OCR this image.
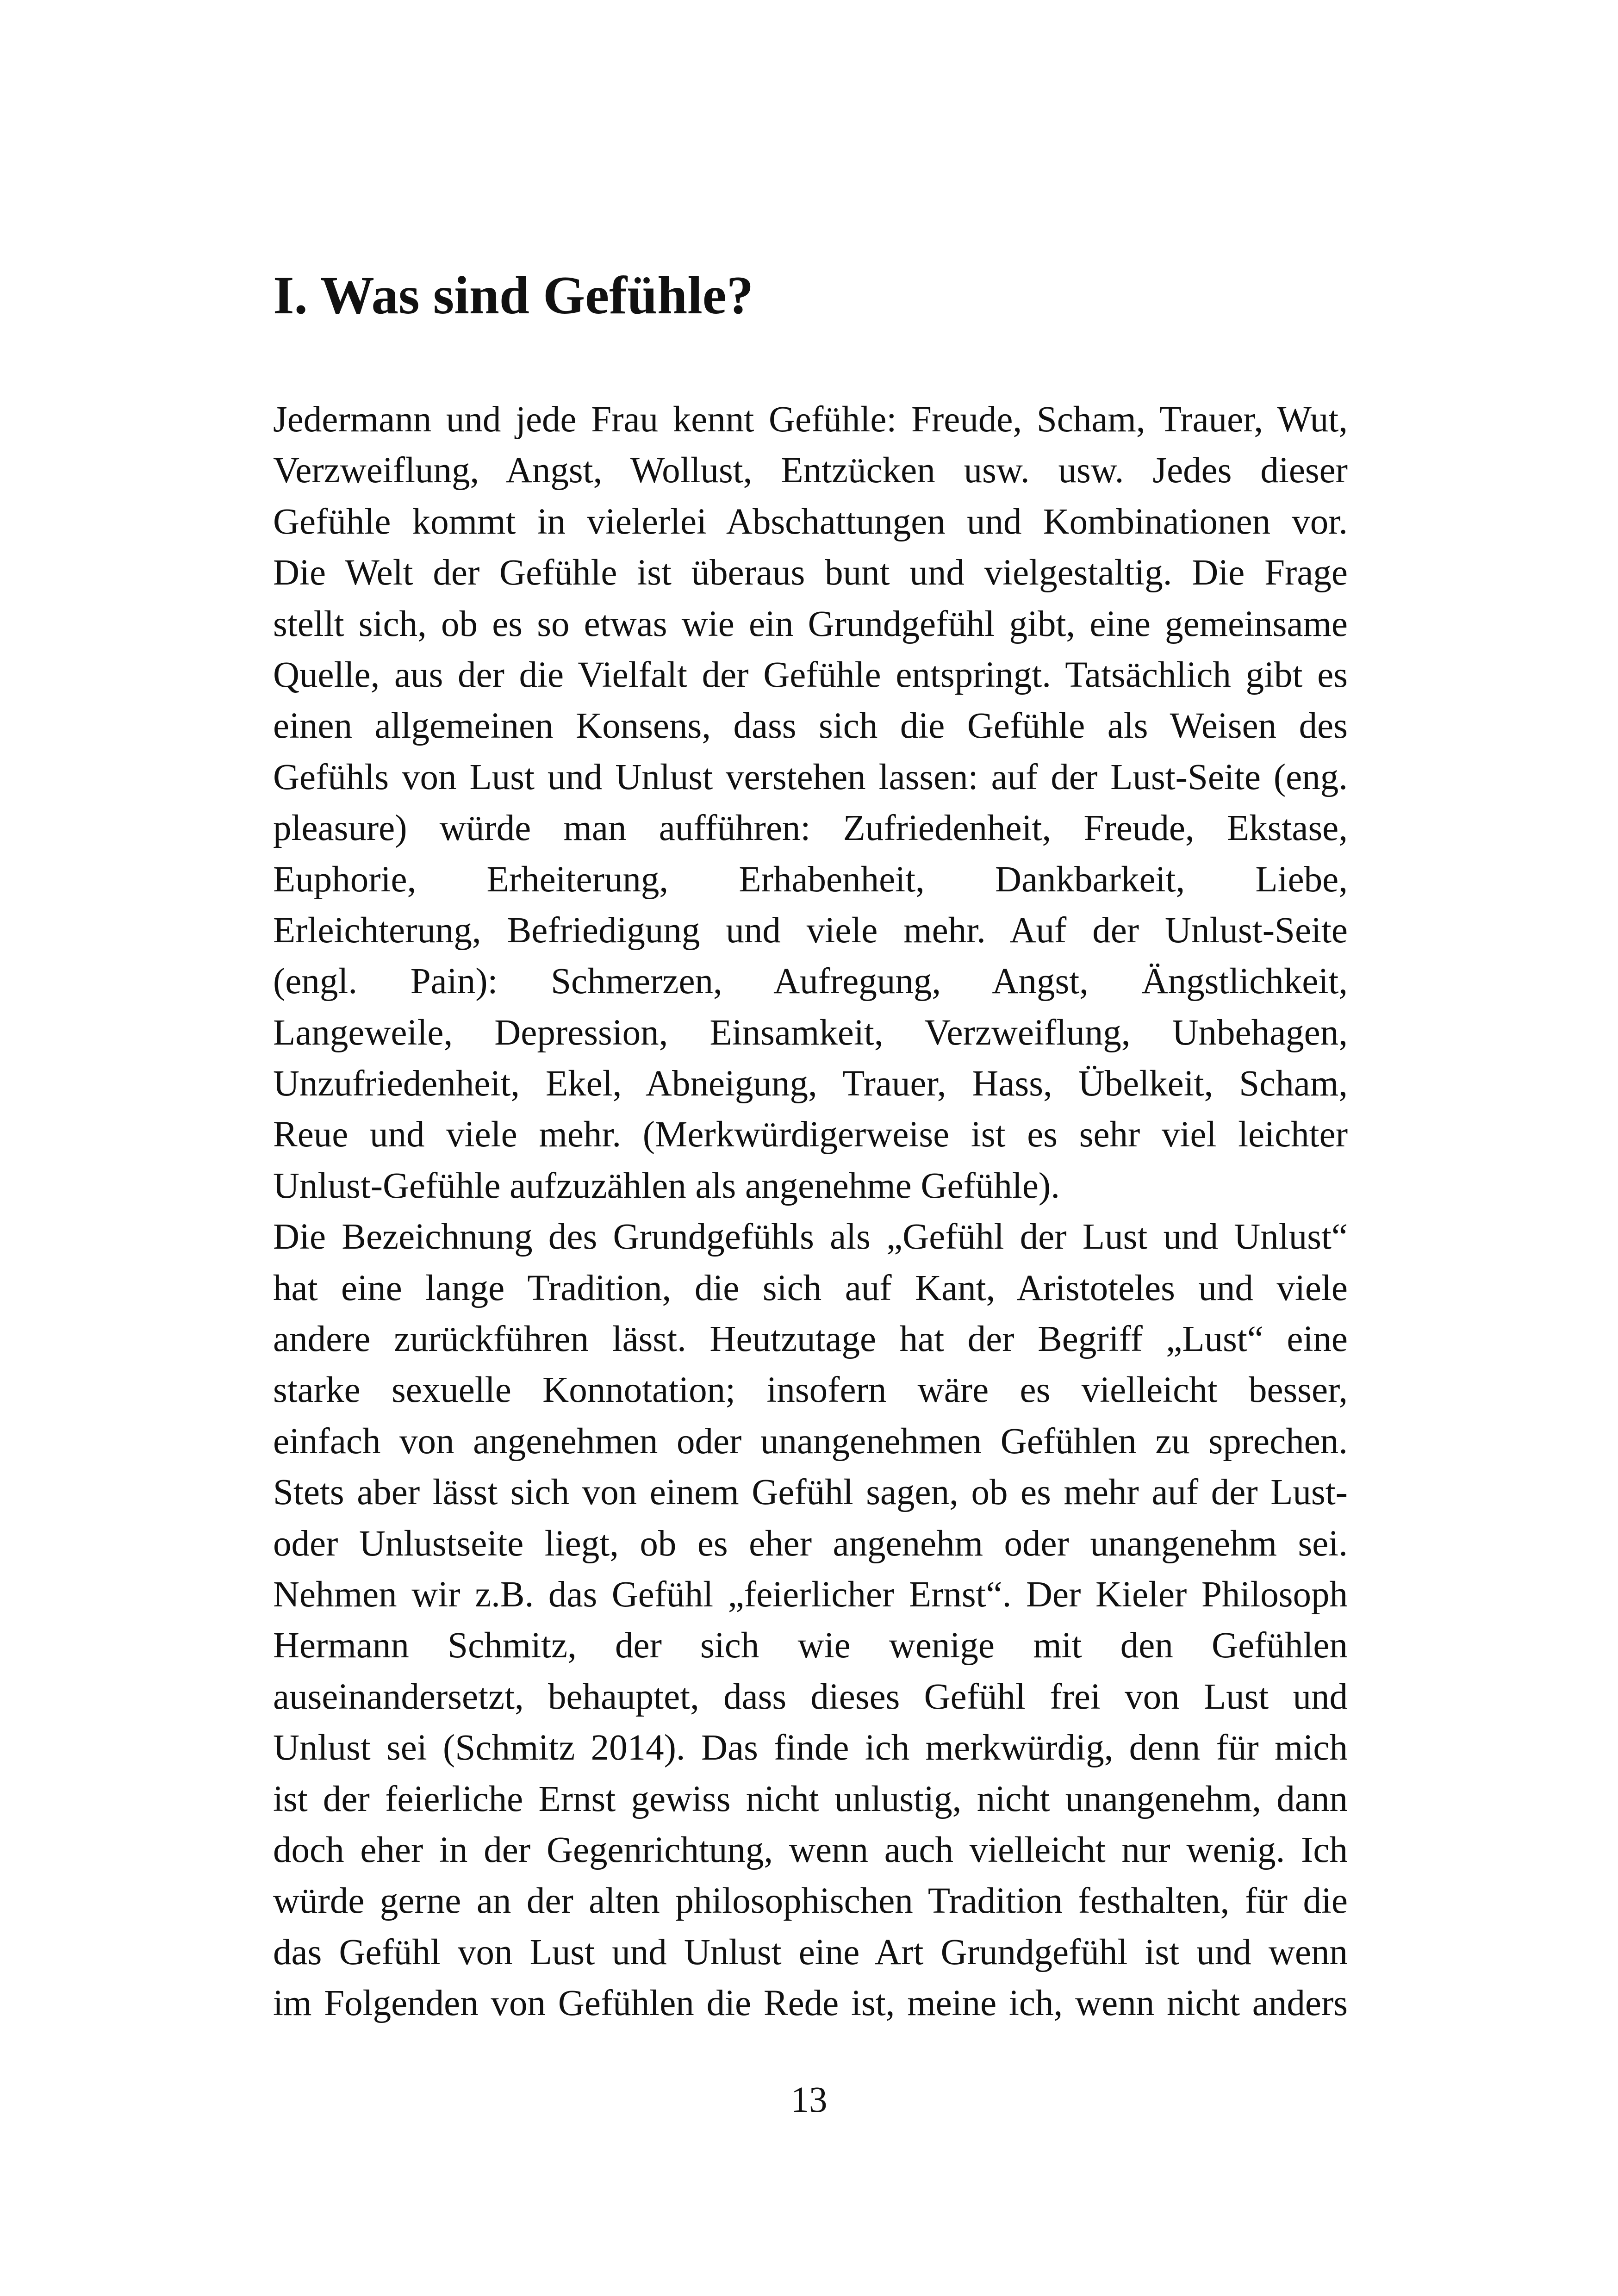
I. Was sind Gefühle?
Jedermann und jede Frau kennt Gefühle: Freude, Scham, Trauer, Wut,
Verzweiflung, Angst, Wollust, Entzücken usw. usw. Jedes dieser
Gefühle kommt in vielerlei Abschattungen und Kombinationen vor.
Die Welt der Gefühle ist überaus bunt und vielgestaltig. Die Frage
stellt sich, ob es so etwas wie ein Grundgefühl gibt, eine gemeinsame
Quelle, aus der die Vielfalt der Gefühle entspringt. Tatsächlich gibt es
einen allgemeinen Konsens, dass sich die Gefühle als Weisen des
Gefühls von Lust und Unlust verstehen lassen: auf der Lust-Seite (eng.
pleasure) würde man aufführen: Zufriedenheit, Freude, Ekstase,
Euphorie, Erheiterung, Erhabenheit, Dankbarkeit, Liebe,
Erleichterung, Befriedigung und viele mehr. Auf der Unlust-Seite
(engl. Pain): Schmerzen, Aufregung, Angst, Ängstlichkeit,
Langeweile, Depression, Einsamkeit, Verzweiflung, Unbehagen,
Unzufriedenheit, Ekel, Abneigung, Trauer, Hass, Übelkeit, Scham,
Reue und viele mehr. (Merkwürdigerweise ist es sehr viel leichter
Unlust-Gefühle aufzuzählen als angenehme Gefühle).
Die Bezeichnung des Grundgefühls als „Gefühl der Lust und Unlust“
hat eine lange Tradition, die sich auf Kant, Aristoteles und viele
andere zurückführen lässt. Heutzutage hat der Begriff „Lust“ eine
starke sexuelle Konnotation; insofern wäre es vielleicht besser,
einfach von angenehmen oder unangenehmen Gefühlen zu sprechen.
Stets aber lässt sich von einem Gefühl sagen, ob es mehr auf der Lust-
oder Unlustseite liegt, ob es eher angenehm oder unangenehm sei.
Nehmen wir z.B. das Gefühl „feierlicher Ernst“. Der Kieler Philosoph
Hermann Schmitz, der sich wie wenige mit den Gefühlen
auseinandersetzt, behauptet, dass dieses Gefühl frei von Lust und
Unlust sei (Schmitz 2014). Das finde ich merkwürdig, denn für mich
ist der feierliche Ernst gewiss nicht unlustig, nicht unangenehm, dann
doch eher in der Gegenrichtung, wenn auch vielleicht nur wenig. Ich
würde gerne an der alten philosophischen Tradition festhalten, für die
das Gefühl von Lust und Unlust eine Art Grundgefühl ist und wenn
im Folgenden von Gefühlen die Rede ist, meine ich, wenn nicht anders
13
